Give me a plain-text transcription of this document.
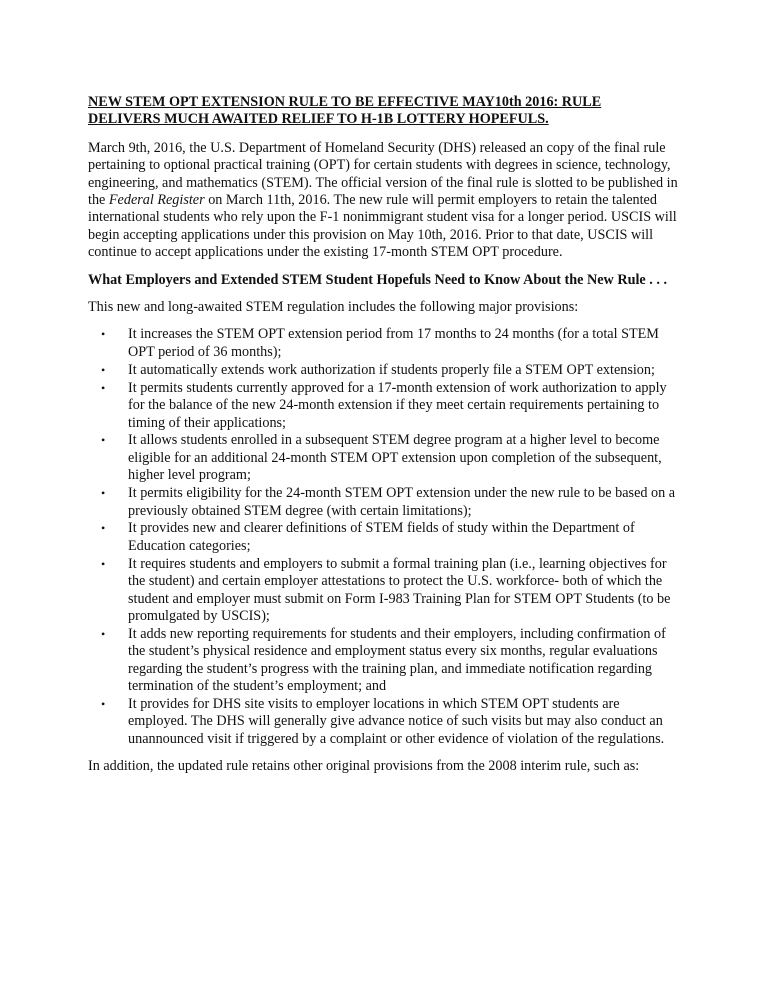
NEW STEM OPT EXTENSION RULE TO BE EFFECTIVE MAY10th 2016: RULE
DELIVERS MUCH AWAITED RELIEF TO H-1B LOTTERY HOPEFULS.

March 9th, 2016, the U.S. Department of Homeland Security (DHS) released an copy of the final rule pertaining to optional practical training (OPT) for certain students with degrees in science, technology, engineering, and mathematics (STEM). The official version of the final rule is slotted to be published in the Federal Register on March 11th, 2016. The new rule will permit employers to retain the talented international students who rely upon the F-1 nonimmigrant student visa for a longer period. USCIS will begin accepting applications under this provision on May 10th, 2016. Prior to that date, USCIS will continue to accept applications under the existing 17-month STEM OPT procedure.

What Employers and Extended STEM Student Hopefuls Need to Know About the New Rule . . .

This new and long-awaited STEM regulation includes the following major provisions:

• It increases the STEM OPT extension period from 17 months to 24 months (for a total STEM OPT period of 36 months);
• It automatically extends work authorization if students properly file a STEM OPT extension;
• It permits students currently approved for a 17-month extension of work authorization to apply for the balance of the new 24-month extension if they meet certain requirements pertaining to timing of their applications;
• It allows students enrolled in a subsequent STEM degree program at a higher level to become eligible for an additional 24-month STEM OPT extension upon completion of the subsequent, higher level program;
• It permits eligibility for the 24-month STEM OPT extension under the new rule to be based on a previously obtained STEM degree (with certain limitations);
• It provides new and clearer definitions of STEM fields of study within the Department of Education categories;
• It requires students and employers to submit a formal training plan (i.e., learning objectives for the student) and certain employer attestations to protect the U.S. workforce- both of which the student and employer must submit on Form I-983 Training Plan for STEM OPT Students (to be promulgated by USCIS);
• It adds new reporting requirements for students and their employers, including confirmation of the student’s physical residence and employment status every six months, regular evaluations regarding the student’s progress with the training plan, and immediate notification regarding termination of the student’s employment; and
• It provides for DHS site visits to employer locations in which STEM OPT students are employed. The DHS will generally give advance notice of such visits but may also conduct an unannounced visit if triggered by a complaint or other evidence of violation of the regulations.

In addition, the updated rule retains other original provisions from the 2008 interim rule, such as:
